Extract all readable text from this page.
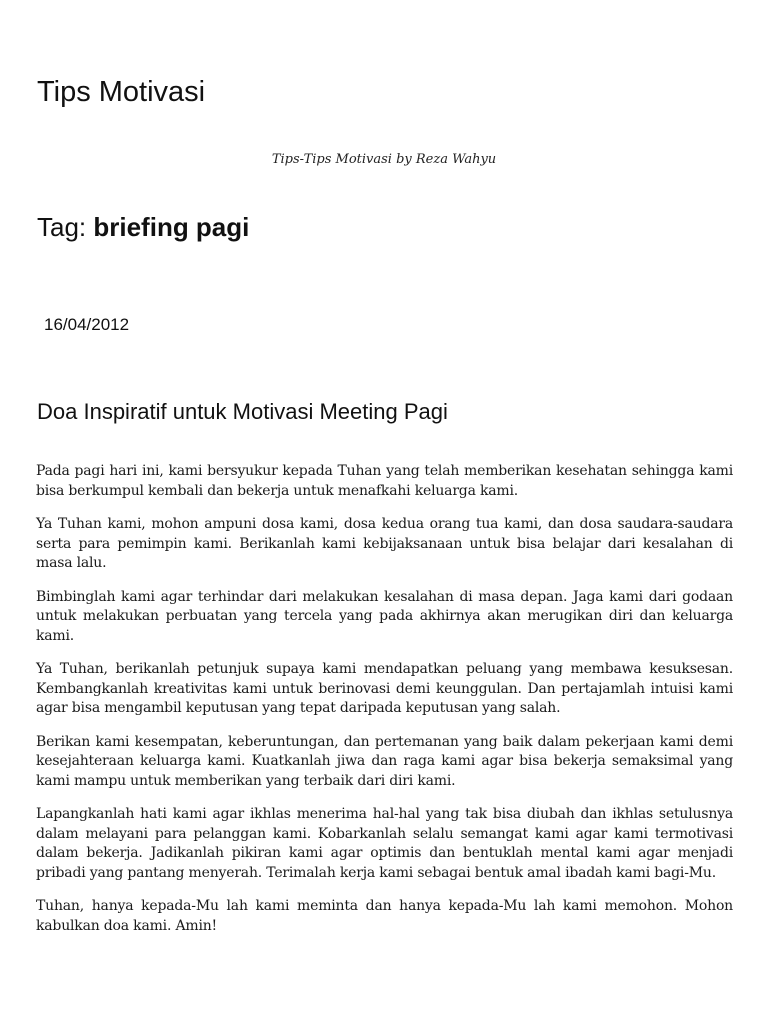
Tips Motivasi
Tips-Tips Motivasi by Reza Wahyu
Tag: briefing pagi
16/04/2012
Doa Inspiratif untuk Motivasi Meeting Pagi

Pada pagi hari ini, kami bersyukur kepada Tuhan yang telah memberikan kesehatan sehingga kami bisa berkumpul kembali dan bekerja untuk menafkahi keluarga kami.

Ya Tuhan kami, mohon ampuni dosa kami, dosa kedua orang tua kami, dan dosa saudara-saudara serta para pemimpin kami. Berikanlah kami kebijaksanaan untuk bisa belajar dari kesalahan di masa lalu.

Bimbinglah kami agar terhindar dari melakukan kesalahan di masa depan. Jaga kami dari godaan untuk melakukan perbuatan yang tercela yang pada akhirnya akan merugikan diri dan keluarga kami.

Ya Tuhan, berikanlah petunjuk supaya kami mendapatkan peluang yang membawa kesuksesan. Kembangkanlah kreativitas kami untuk berinovasi demi keunggulan. Dan pertajamlah intuisi kami agar bisa mengambil keputusan yang tepat daripada keputusan yang salah.

Berikan kami kesempatan, keberuntungan, dan pertemanan yang baik dalam pekerjaan kami demi kesejahteraan keluarga kami. Kuatkanlah jiwa dan raga kami agar bisa bekerja semaksimal yang kami mampu untuk memberikan yang terbaik dari diri kami.

Lapangkanlah hati kami agar ikhlas menerima hal-hal yang tak bisa diubah dan ikhlas setulusnya dalam melayani para pelanggan kami. Kobarkanlah selalu semangat kami agar kami termotivasi dalam bekerja. Jadikanlah pikiran kami agar optimis dan bentuklah mental kami agar menjadi pribadi yang pantang menyerah. Terimalah kerja kami sebagai bentuk amal ibadah kami bagi-Mu.

Tuhan, hanya kepada-Mu lah kami meminta dan hanya kepada-Mu lah kami memohon. Mohon kabulkan doa kami. Amin!
